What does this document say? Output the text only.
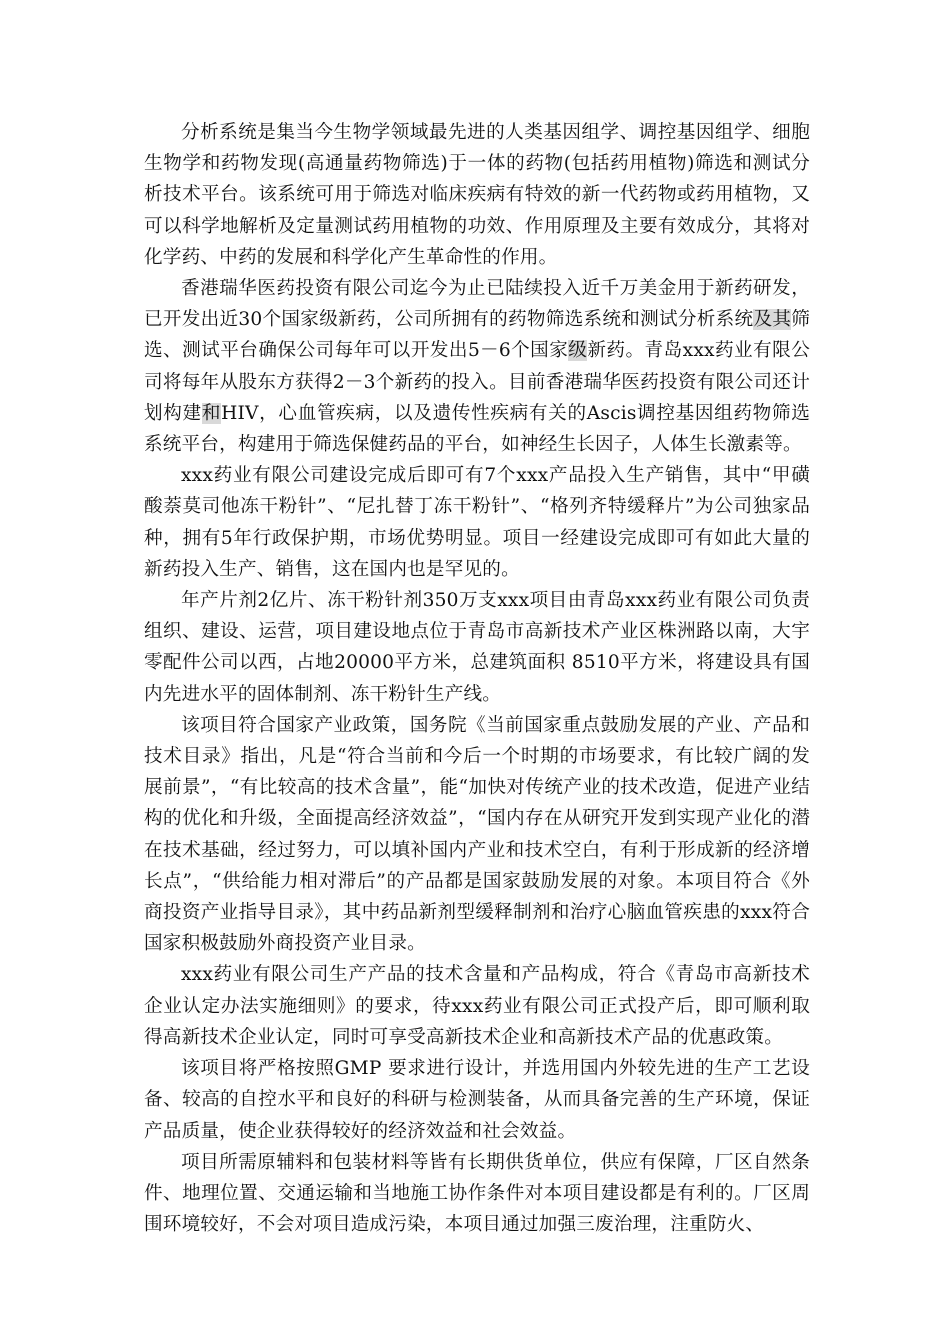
分析系统是集当今生物学领域最先进的人类基因组学、调控基因组学、细胞生物学和药物发现(高通量药物筛选)于一体的药物(包括药用植物)筛选和测试分析技术平台。该系统可用于筛选对临床疾病有特效的新一代药物或药用植物，又可以科学地解析及定量测试药用植物的功效、作用原理及主要有效成分，其将对化学药、中药的发展和科学化产生革命性的作用。

香港瑞华医药投资有限公司迄今为止已陆续投入近千万美金用于新药研发，已开发出近30个国家级新药，公司所拥有的药物筛选系统和测试分析系统及其筛选、测试平台确保公司每年可以开发出5－6个国家级新药。青岛xxx药业有限公司将每年从股东方获得2－3个新药的投入。目前香港瑞华医药投资有限公司还计划构建和HIV，心血管疾病，以及遗传性疾病有关的Ascis调控基因组药物筛选系统平台，构建用于筛选保健药品的平台，如神经生长因子，人体生长激素等。

xxx药业有限公司建设完成后即可有7个xxx产品投入生产销售，其中“甲磺酸萘莫司他冻干粉针”、“尼扎替丁冻干粉针”、“格列齐特缓释片”为公司独家品种，拥有5年行政保护期，市场优势明显。项目一经建设完成即可有如此大量的新药投入生产、销售，这在国内也是罕见的。

年产片剂2亿片、冻干粉针剂350万支xxx项目由青岛xxx药业有限公司负责组织、建设、运营，项目建设地点位于青岛市高新技术产业区株洲路以南，大宇零配件公司以西，占地20000平方米，总建筑面积 8510平方米，将建设具有国内先进水平的固体制剂、冻干粉针生产线。

该项目符合国家产业政策，国务院《当前国家重点鼓励发展的产业、产品和技术目录》指出，凡是“符合当前和今后一个时期的市场要求，有比较广阔的发展前景”，“有比较高的技术含量”，能“加快对传统产业的技术改造，促进产业结构的优化和升级，全面提高经济效益”，“国内存在从研究开发到实现产业化的潜在技术基础，经过努力，可以填补国内产业和技术空白，有利于形成新的经济增长点”，“供给能力相对滞后”的产品都是国家鼓励发展的对象。本项目符合《外商投资产业指导目录》，其中药品新剂型缓释制剂和治疗心脑血管疾患的xxx符合国家积极鼓励外商投资产业目录。

xxx药业有限公司生产产品的技术含量和产品构成，符合《青岛市高新技术企业认定办法实施细则》的要求，待xxx药业有限公司正式投产后，即可顺利取得高新技术企业认定，同时可享受高新技术企业和高新技术产品的优惠政策。

该项目将严格按照GMP 要求进行设计，并选用国内外较先进的生产工艺设备、较高的自控水平和良好的科研与检测装备，从而具备完善的生产环境，保证产品质量，使企业获得较好的经济效益和社会效益。

项目所需原辅料和包装材料等皆有长期供货单位，供应有保障，厂区自然条件、地理位置、交通运输和当地施工协作条件对本项目建设都是有利的。厂区周围环境较好，不会对项目造成污染，本项目通过加强三废治理，注重防火、
